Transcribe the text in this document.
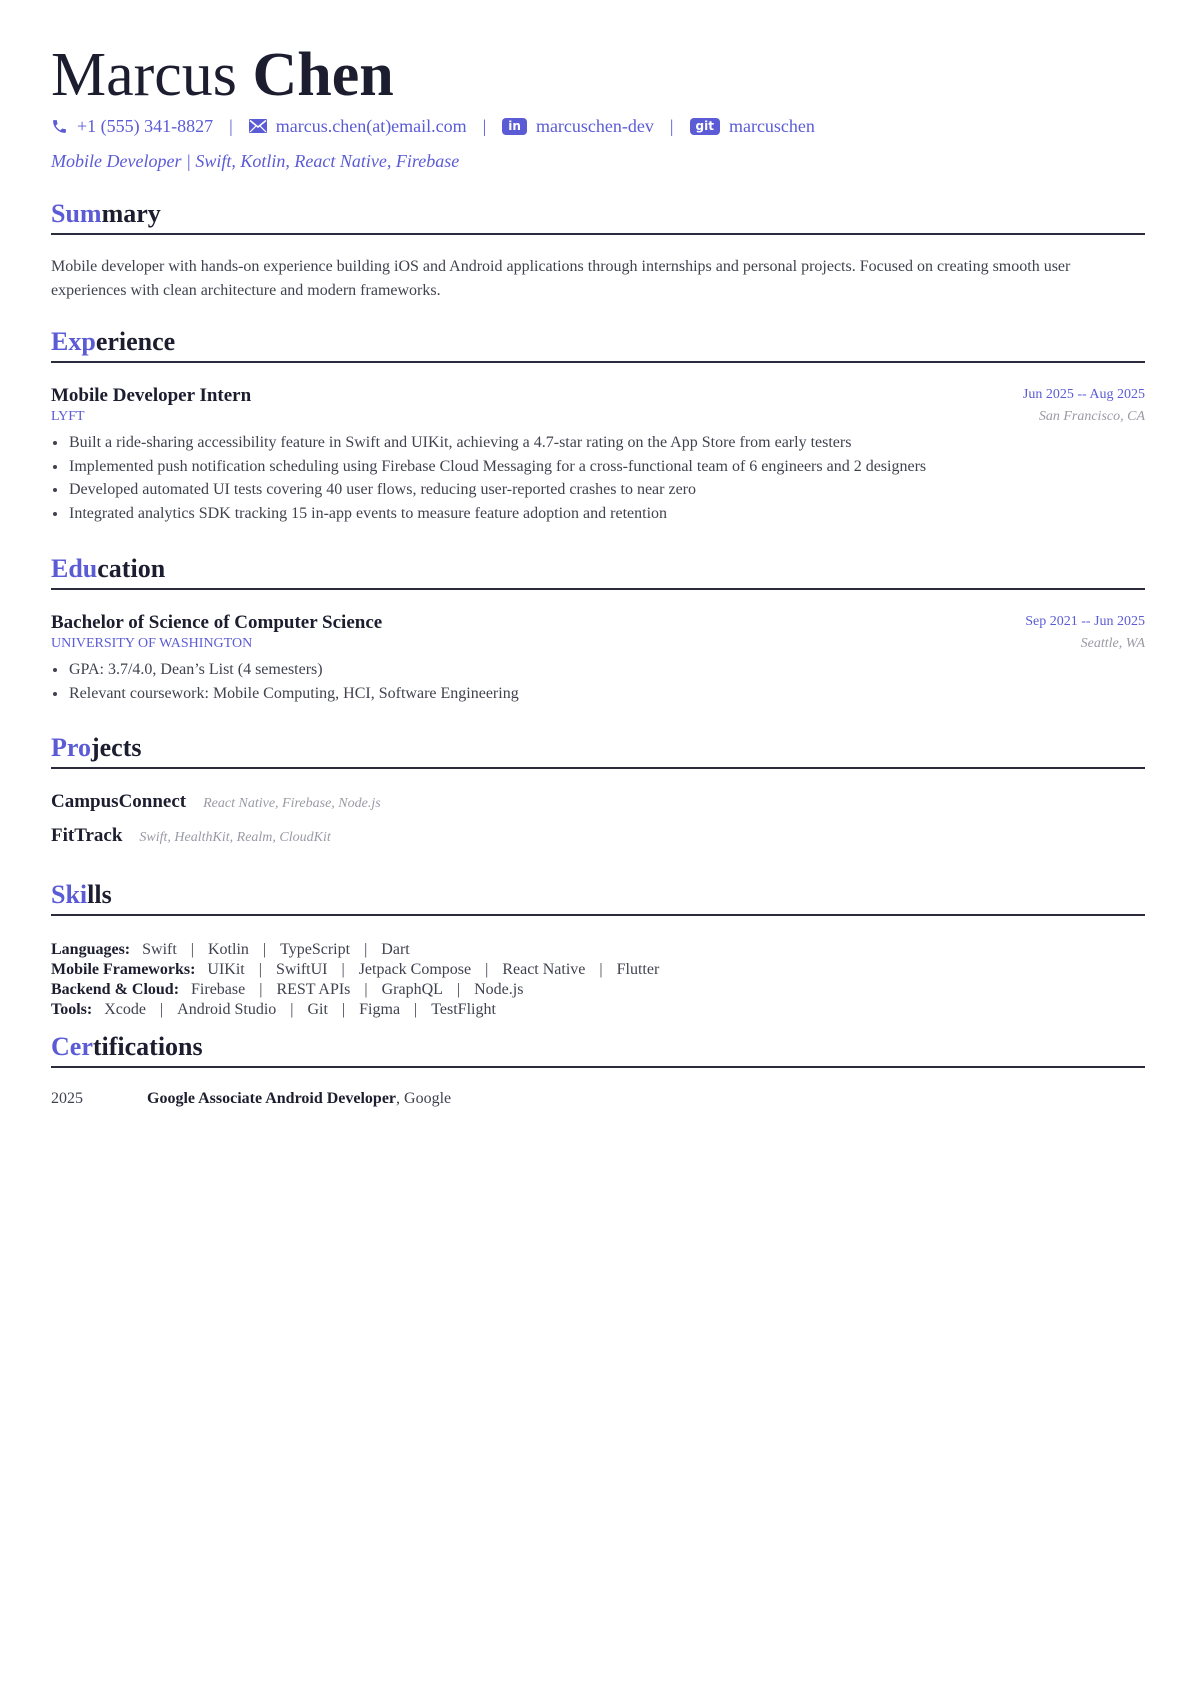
Marcus Chen
+1 (555) 341-8827 | marcus.chen(at)email.com |	in marcuschen-dev |	git marcuschen
Mobile Developer | Swift, Kotlin, React Native, Firebase
Summary
Mobile developer with hands-on experience building iOS and Android applications through internships and personal projects. Focused on creating smooth user experiences with clean architecture and modern frameworks.
Experience
Mobile Developer Intern
LYFT
Jun 2025 -- Aug 2025
San Francisco, CA
Built a ride-sharing accessibility feature in Swift and UIKit, achieving a 4.7-star rating on the App Store from early testers
Implemented push notification scheduling using Firebase Cloud Messaging for a cross-functional team of 6 engineers and 2 designers
Developed automated UI tests covering 40 user flows, reducing user-reported crashes to near zero
Integrated analytics SDK tracking 15 in-app events to measure feature adoption and retention
Education
Bachelor of Science of Computer Science
UNIVERSITY OF WASHINGTON
Sep 2021 -- Jun 2025
Seattle, WA
GPA: 3.7/4.0, Dean’s List (4 semesters)
Relevant coursework: Mobile Computing, HCI, Software Engineering
Projects
CampusConnect React Native, Firebase, Node.js
FitTrack Swift, HealthKit, Realm, CloudKit
Skills
Languages: Swift | Kotlin | TypeScript | Dart
Mobile Frameworks: UIKit | SwiftUI | Jetpack Compose | React Native | Flutter
Backend & Cloud: Firebase | REST APIs | GraphQL | Node.js
Tools: Xcode | Android Studio | Git | Figma | TestFlight
Certifications
2025	Google Associate Android Developer, Google
